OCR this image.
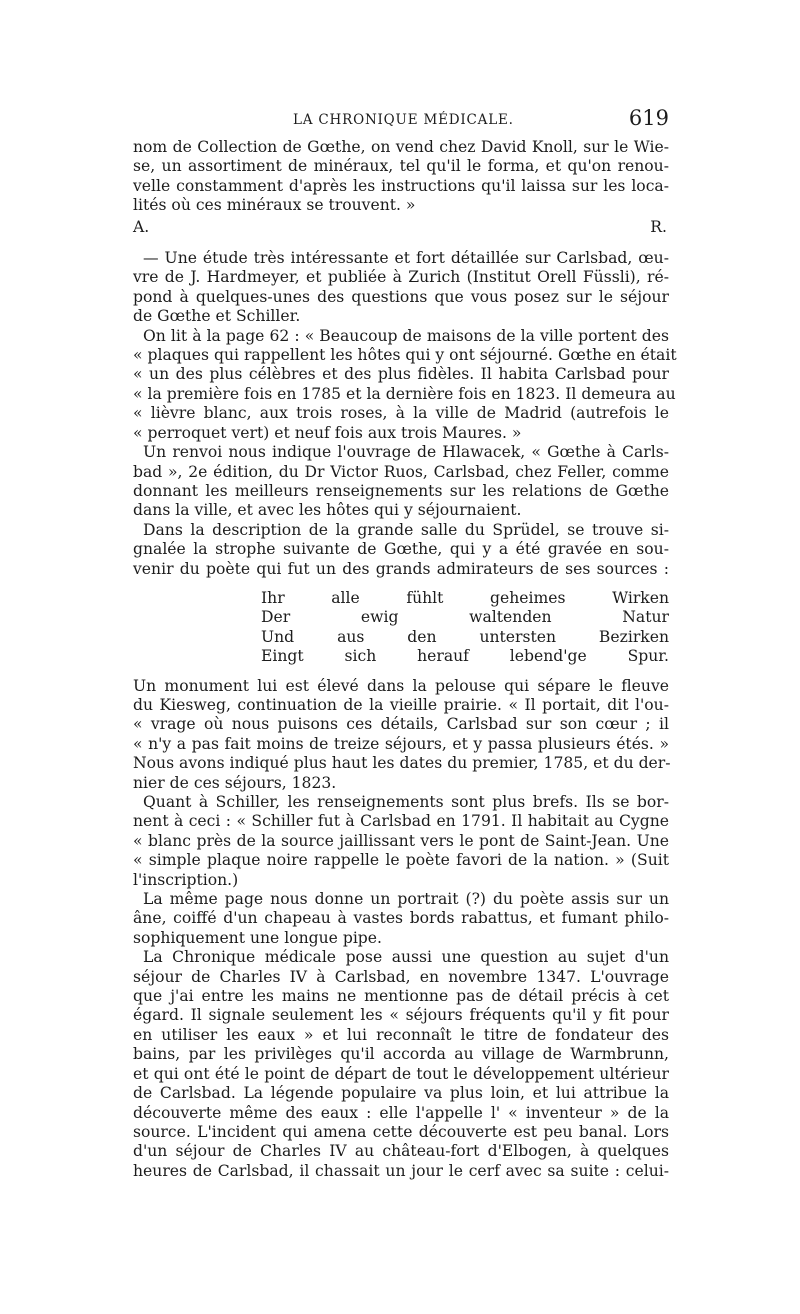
LA CHRONIQUE MÉDICALE.	619
nom de Collection de Gœthe, on vend chez David Knoll, sur le Wie-
se, un assortiment de minéraux, tel qu'il le forma, et qu'on renou-
velle constamment d'après les instructions qu'il laissa sur les loca-
lités où ces minéraux se trouvent. »
A. R.
— Une étude très intéressante et fort détaillée sur Carlsbad, œu-
vre de J. Hardmeyer, et publiée à Zurich (Institut Orell Füssli), ré-
pond à quelques-unes des questions que vous posez sur le séjour
de Gœthe et Schiller.
On lit à la page 62 : « Beaucoup de maisons de la ville portent des
« plaques qui rappellent les hôtes qui y ont séjourné. Gœthe en était
« un des plus célèbres et des plus fidèles. Il habita Carlsbad pour
« la première fois en 1785 et la dernière fois en 1823. Il demeura au
« lièvre blanc, aux trois roses, à la ville de Madrid (autrefois le
« perroquet vert) et neuf fois aux trois Maures. »
Un renvoi nous indique l'ouvrage de Hlawacek, « Gœthe à Carls-
bad », 2e édition, du Dr Victor Ruos, Carlsbad, chez Feller, comme
donnant les meilleurs renseignements sur les relations de Gœthe
dans la ville, et avec les hôtes qui y séjournaient.
Dans la description de la grande salle du Sprüdel, se trouve si-
gnalée la strophe suivante de Gœthe, qui y a été gravée en sou-
venir du poète qui fut un des grands admirateurs de ses sources :
Ihr alle fühlt geheimes Wirken
Der ewig waltenden Natur
Und aus den untersten Bezirken
Eingt sich herauf lebend'ge Spur.
Un monument lui est élevé dans la pelouse qui sépare le fleuve
du Kiesweg, continuation de la vieille prairie. « Il portait, dit l'ou-
« vrage où nous puisons ces détails, Carlsbad sur son cœur ; il
« n'y a pas fait moins de treize séjours, et y passa plusieurs étés. »
Nous avons indiqué plus haut les dates du premier, 1785, et du der-
nier de ces séjours, 1823.
Quant à Schiller, les renseignements sont plus brefs. Ils se bor-
nent à ceci : « Schiller fut à Carlsbad en 1791. Il habitait au Cygne
« blanc près de la source jaillissant vers le pont de Saint-Jean. Une
« simple plaque noire rappelle le poète favori de la nation. » (Suit
l'inscription.)
La même page nous donne un portrait (?) du poète assis sur un
âne, coiffé d'un chapeau à vastes bords rabattus, et fumant philo-
sophiquement une longue pipe.
La Chronique médicale pose aussi une question au sujet d'un
séjour de Charles IV à Carlsbad, en novembre 1347. L'ouvrage
que j'ai entre les mains ne mentionne pas de détail précis à cet
égard. Il signale seulement les « séjours fréquents qu'il y fit pour
en utiliser les eaux » et lui reconnaît le titre de fondateur des
bains, par les privilèges qu'il accorda au village de Warmbrunn,
et qui ont été le point de départ de tout le développement ultérieur
de Carlsbad. La légende populaire va plus loin, et lui attribue la
découverte même des eaux : elle l'appelle l' « inventeur » de la
source. L'incident qui amena cette découverte est peu banal. Lors
d'un séjour de Charles IV au château-fort d'Elbogen, à quelques
heures de Carlsbad, il chassait un jour le cerf avec sa suite : celui-
